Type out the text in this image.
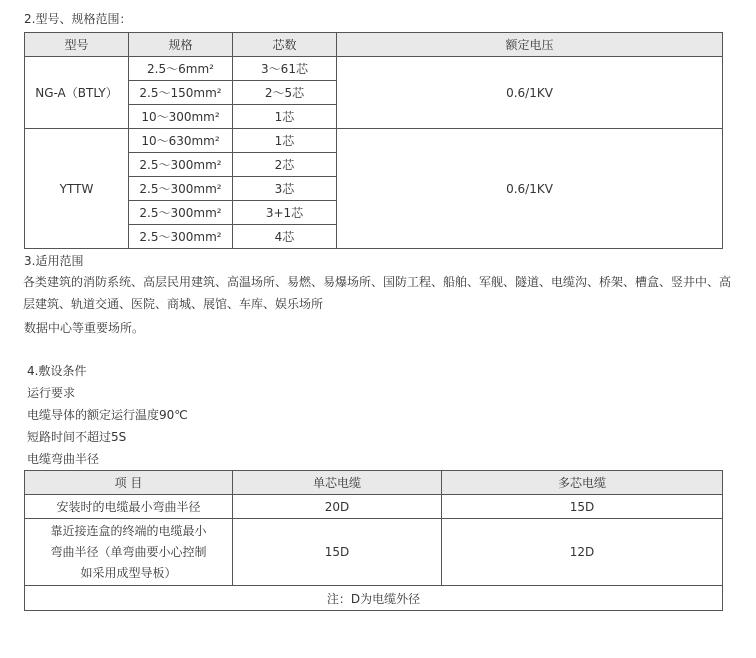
2.型号、规格范围：
型号	规格	芯数	额定电压
NG-A（BTLY）	2.5～6mm²	3～61芯	0.6/1KV
	2.5～150mm²	2～5芯	
	10～300mm²	1芯	
YTTW	10～630mm²	1芯	0.6/1KV
	2.5～300mm²	2芯	
	2.5～300mm²	3芯	
	2.5～300mm²	3+1芯	
	2.5～300mm²	4芯	
3.适用范围
各类建筑的消防系统、高层民用建筑、高温场所、易燃、易爆场所、国防工程、船舶、军舰、隧道、电缆沟、桥架、槽盒、竖井中、高层建筑、轨道交通、医院、商城、展馆、车库、娱乐场所
数据中心等重要场所。
4.敷设条件
运行要求
电缆导体的额定运行温度90℃
短路时间不超过5S
电缆弯曲半径
项 目	单芯电缆	多芯电缆
安装时的电缆最小弯曲半径	20D	15D

靠近接连盒的终端的电缆最小
弯曲半径（单弯曲要小心控制
如采用成型导板）	15D	12D
注：D为电缆外径		
